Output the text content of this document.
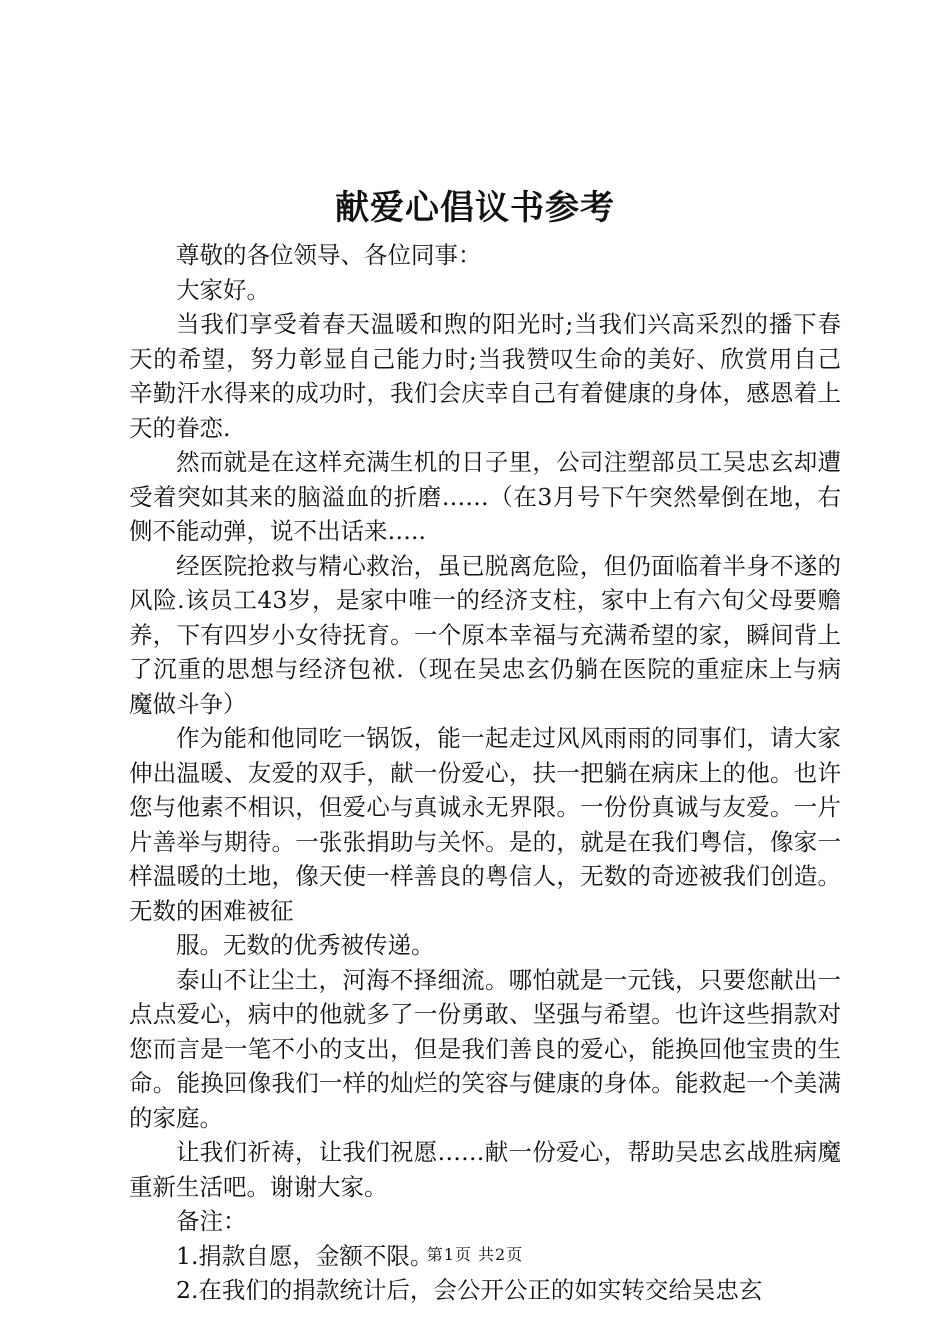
献爱心倡议书参考

尊敬的各位领导、各位同事：

大家好。

当我们享受着春天温暖和煦的阳光时;当我们兴高采烈的播下春天的希望，努力彰显自己能力时;当我赞叹生命的美好、欣赏用自己辛勤汗水得来的成功时，我们会庆幸自己有着健康的身体，感恩着上天的眷恋.

然而就是在这样充满生机的日子里，公司注塑部员工吴忠玄却遭受着突如其来的脑溢血的折磨……（在3月号下午突然晕倒在地，右侧不能动弹，说不出话来…..

经医院抢救与精心救治，虽已脱离危险，但仍面临着半身不遂的风险.该员工43岁，是家中唯一的经济支柱，家中上有六旬父母要赡养，下有四岁小女待抚育。一个原本幸福与充满希望的家，瞬间背上了沉重的思想与经济包袱.（现在吴忠玄仍躺在医院的重症床上与病魔做斗争）

作为能和他同吃一锅饭，能一起走过风风雨雨的同事们，请大家伸出温暖、友爱的双手，献一份爱心，扶一把躺在病床上的他。也许您与他素不相识，但爱心与真诚永无界限。一份份真诚与友爱。一片片善举与期待。一张张捐助与关怀。是的，就是在我们粤信，像家一样温暖的土地，像天使一样善良的粤信人，无数的奇迹被我们创造。无数的困难被征

服。无数的优秀被传递。

泰山不让尘土，河海不择细流。哪怕就是一元钱，只要您献出一点点爱心，病中的他就多了一份勇敢、坚强与希望。也许这些捐款对您而言是一笔不小的支出，但是我们善良的爱心，能换回他宝贵的生命。能换回像我们一样的灿烂的笑容与健康的身体。能救起一个美满的家庭。

让我们祈祷，让我们祝愿……献一份爱心，帮助吴忠玄战胜病魔重新生活吧。谢谢大家。

备注：

1.捐款自愿，金额不限。

2.在我们的捐款统计后，会公开公正的如实转交给吴忠玄

第1页 共2页
